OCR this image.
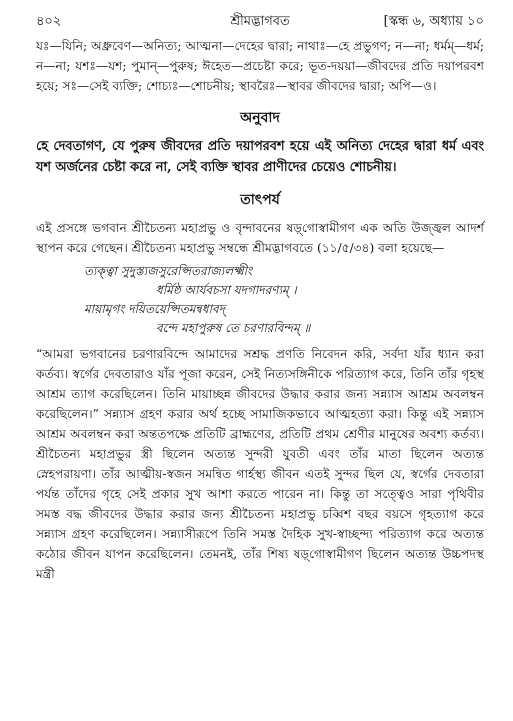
৪০২	শ্রীমদ্ভাগবত	[স্কন্ধ ৬, অধ্যায় ১০
যঃ—যিনি; অধ্রুবেণ—অনিত্য; আত্মনা—দেহের দ্বারা; নাথাঃ—হে প্রভুগণ; ন—না; ধর্মম্—ধর্ম; ন—না; যশঃ—যশ; পুমান্—পুরুষ; ঈহেত—প্রচেষ্টা করে; ভূত-দয়য়া—জীবদের প্রতি দয়াপরবশ হয়ে; সঃ—সেই ব্যক্তি; শোচ্যঃ—শোচনীয়; স্থাবরৈঃ—স্থাবর জীবদের দ্বারা; অপি—ও।
অনুবাদ
হে দেবতাগণ, যে পুরুষ জীবদের প্রতি দয়াপরবশ হয়ে এই অনিত্য দেহের দ্বারা ধর্ম এবং যশ অর্জনের চেষ্টা করে না, সেই ব্যক্তি স্থাবর প্রাণীদের চেয়েও শোচনীয়।
তাৎপর্য
এই প্রসঙ্গে ভগবান শ্রীচৈতন্য মহাপ্রভু ও বৃন্দাবনের ষড়্‌গোস্বামীগণ এক অতি উজ্জ্বল আদর্শ স্থাপন করে গেছেন। শ্রীচৈতন্য মহাপ্রভু সম্বন্ধে শ্রীমদ্ভাগবতে (১১/৫/৩৪) বলা হয়েছে—
ত্যক্ত্বা সুদুস্ত্যজসুরেপ্সিতরাজ্যলক্ষ্মীং
ধর্মিষ্ঠ আর্যবচসা যদগাদরণ্যম্‌ ।
মায়ামৃগং দয়িতয়েপ্সিতমন্বধাবদ্
বন্দে মহাপুরুষ তে চরণারবিন্দম্ ॥
“আমরা ভগবানের চরণারবিন্দে আমাদের সশ্রদ্ধ প্রণতি নিবেদন করি, সর্বদা যাঁর ধ্যান করা কর্তব্য। স্বর্গের দেবতারাও যাঁর পূজা করেন, সেই নিত্যসঙ্গিনীকে পরিত্যাগ করে, তিনি তাঁর গৃহস্থ আশ্রম ত্যাগ করেছিলেন। তিনি মায়াচ্ছন্ন জীবদের উদ্ধার করার জন্য সন্ন্যাস আশ্রম অবলম্বন করেছিলেন।” সন্ন্যাস গ্রহণ করার অর্থ হচ্ছে সামাজিকভাবে আত্মহত্যা করা। কিন্তু এই সন্ন্যাস আশ্রম অবলম্বন করা অন্ততপক্ষে প্রতিটি ব্রাহ্মণের, প্রতিটি প্রথম শ্রেণীর মানুষের অবশ্য কর্তব্য। শ্রীচৈতন্য মহাপ্রভুর স্ত্রী ছিলেন অত্যন্ত সুন্দরী যুবতী এবং তাঁর মাতা ছিলেন অত্যন্ত স্নেহপরায়ণা। তাঁর আত্মীয়-স্বজন সমন্বিত গার্হস্থ্য জীবন এতই সুন্দর ছিল যে, স্বর্গের দেবতারা পর্যন্ত তাঁদের গৃহে সেই প্রকার সুখ আশা করতে পারেন না। কিন্তু তা সত্ত্বেও সারা পৃথিবীর সমস্ত বদ্ধ জীবদের উদ্ধার করার জন্য শ্রীচৈতন্য মহাপ্রভু চব্বিশ বছর বয়সে গৃহত্যাগ করে সন্ন্যাস গ্রহণ করেছিলেন। সন্ন্যাসীরূপে তিনি সমস্ত দৈহিক সুখ-স্বাচ্ছন্দ্য পরিত্যাগ করে অত্যন্ত কঠোর জীবন যাপন করেছিলেন। তেমনই, তাঁর শিষ্য ষড়্‌গোস্বামীগণ ছিলেন অত্যন্ত উচ্চপদস্থ মন্ত্রী
